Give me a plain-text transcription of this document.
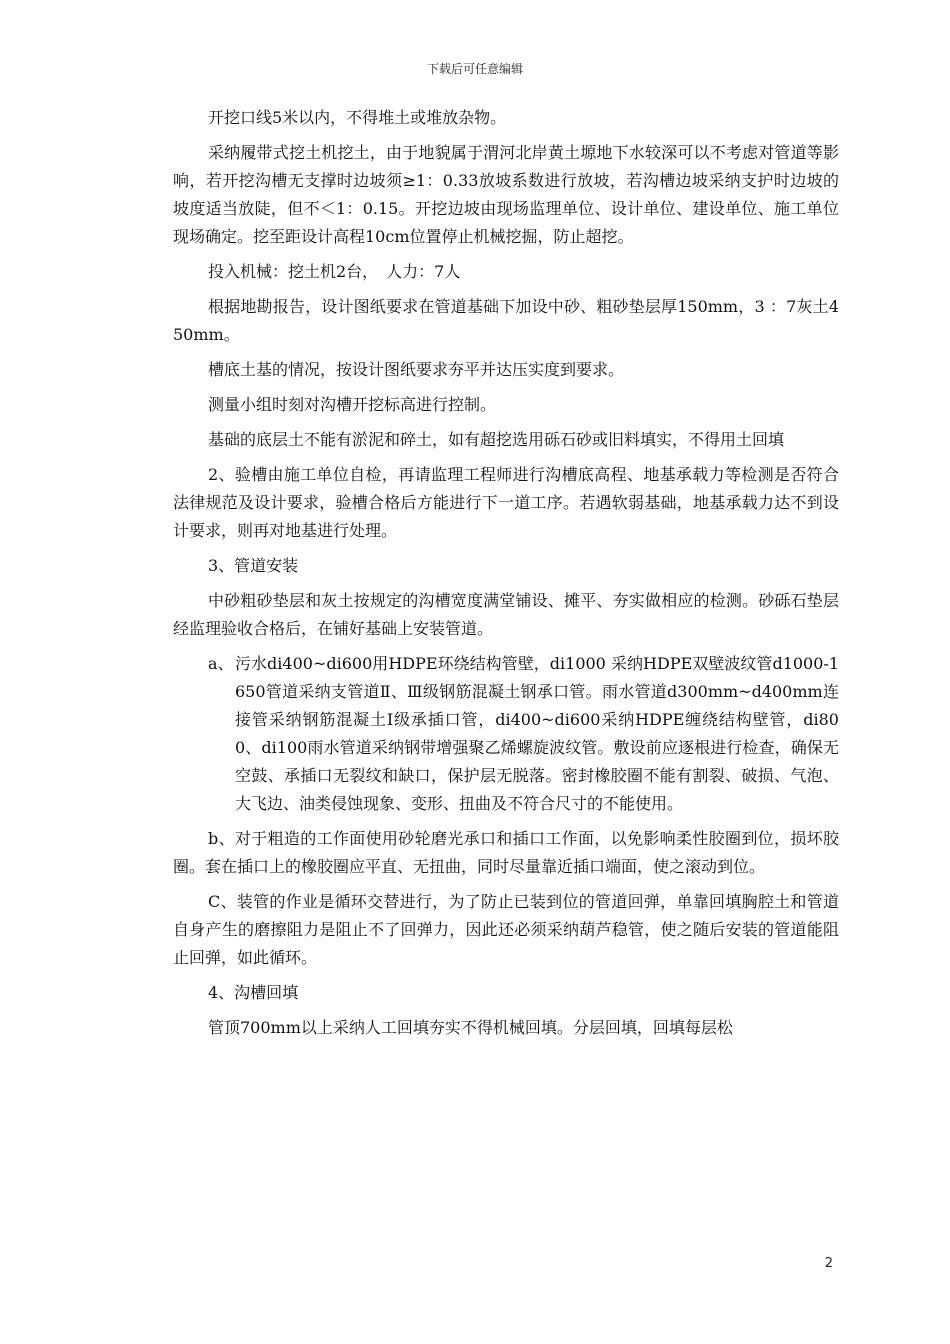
下载后可任意编辑

开挖口线5米以内，不得堆土或堆放杂物。

采纳履带式挖土机挖土，由于地貌属于渭河北岸黄土塬地下水较深可以不考虑对管道等影响，若开挖沟槽无支撑时边坡须≥1：0.33放坡系数进行放坡，若沟槽边坡采纳支护时边坡的坡度适当放陡，但不＜1：0.15。开挖边坡由现场监理单位、设计单位、建设单位、施工单位现场确定。挖至距设计高程10cm位置停止机械挖掘，防止超挖。

投入机械：挖土机2台，　人力：7人

根据地勘报告，设计图纸要求在管道基础下加设中砂、粗砂垫层厚150mm，3 ：7灰土450mm。

槽底土基的情况，按设计图纸要求夯平并达压实度到要求。

测量小组时刻对沟槽开挖标高进行控制。

基础的底层土不能有淤泥和碎土，如有超挖选用砾石砂或旧料填实，不得用土回填

2、验槽由施工单位自检，再请监理工程师进行沟槽底高程、地基承载力等检测是否符合法律规范及设计要求，验槽合格后方能进行下一道工序。若遇软弱基础，地基承载力达不到设计要求，则再对地基进行处理。

3、管道安装

中砂粗砂垫层和灰土按规定的沟槽宽度满堂铺设、摊平、夯实做相应的检测。砂砾石垫层经监理验收合格后，在铺好基础上安装管道。

a、 污水di400~di600用HDPE环绕结构管壁，di1000 采纳HDPE双壁波纹管d1000-1650管道采纳支管道Ⅱ、Ⅲ级钢筋混凝土钢承口管。雨水管道d300mm~d400mm连接管采纳钢筋混凝土Ⅰ级承插口管，di400~di600采纳HDPE缠绕结构壁管，di800、di100雨水管道采纳钢带增强聚乙烯螺旋波纹管。敷设前应逐根进行检查，确保无空鼓、承插口无裂纹和缺口，保护层无脱落。密封橡胶圈不能有割裂、破损、气泡、大飞边、油类侵蚀现象、变形、扭曲及不符合尺寸的不能使用。

b、对于粗造的工作面使用砂轮磨光承口和插口工作面，以免影响柔性胶圈到位，损坏胶圈。套在插口上的橡胶圈应平直、无扭曲，同时尽量靠近插口端面，使之滚动到位。

C、装管的作业是循环交替进行，为了防止已装到位的管道回弹，单靠回填胸腔土和管道自身产生的磨擦阻力是阻止不了回弹力，因此还必须采纳葫芦稳管，使之随后安装的管道能阻止回弹，如此循环。

4、沟槽回填

管顶700mm以上采纳人工回填夯实不得机械回填。分层回填，回填每层松

2
